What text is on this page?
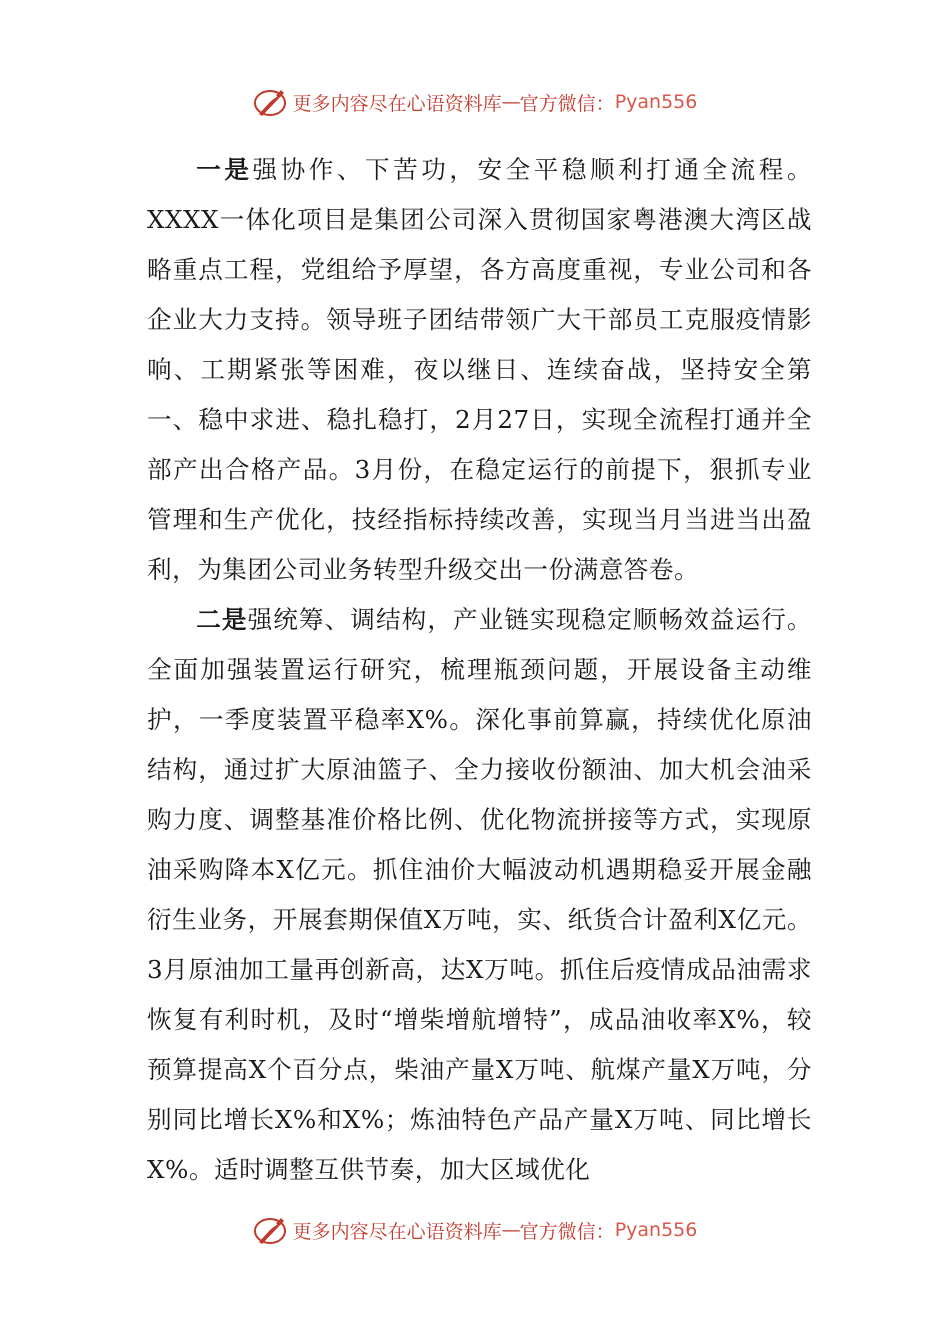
更多内容尽在心语资料库 — 官方微信： Pyan556

一是强协作、下苦功，安全平稳顺利打通全流程。XXXX一体化项目是集团公司深入贯彻国家粤港澳大湾区战略重点工程，党组给予厚望，各方高度重视，专业公司和各企业大力支持。领导班子团结带领广大干部员工克服疫情影响、工期紧张等困难，夜以继日、连续奋战，坚持安全第一、稳中求进、稳扎稳打，2月27日，实现全流程打通并全部产出合格产品。3月份，在稳定运行的前提下，狠抓专业管理和生产优化，技经指标持续改善，实现当月当进当出盈利，为集团公司业务转型升级交出一份满意答卷。

二是强统筹、调结构，产业链实现稳定顺畅效益运行。全面加强装置运行研究，梳理瓶颈问题，开展设备主动维护，一季度装置平稳率X%。深化事前算赢，持续优化原油结构，通过扩大原油篮子、全力接收份额油、加大机会油采购力度、调整基准价格比例、优化物流拼接等方式，实现原油采购降本X亿元。抓住油价大幅波动机遇期稳妥开展金融衍生业务，开展套期保值X万吨，实、纸货合计盈利X亿元。3月原油加工量再创新高，达X万吨。抓住后疫情成品油需求恢复有利时机，及时“增柴增航增特”，成品油收率X%，较预算提高X个百分点，柴油产量X万吨、航煤产量X万吨，分别同比增长X%和X%；炼油特色产品产量X万吨、同比增长X%。适时调整互供节奏，加大区域优化

更多内容尽在心语资料库 — 官方微信： Pyan556
